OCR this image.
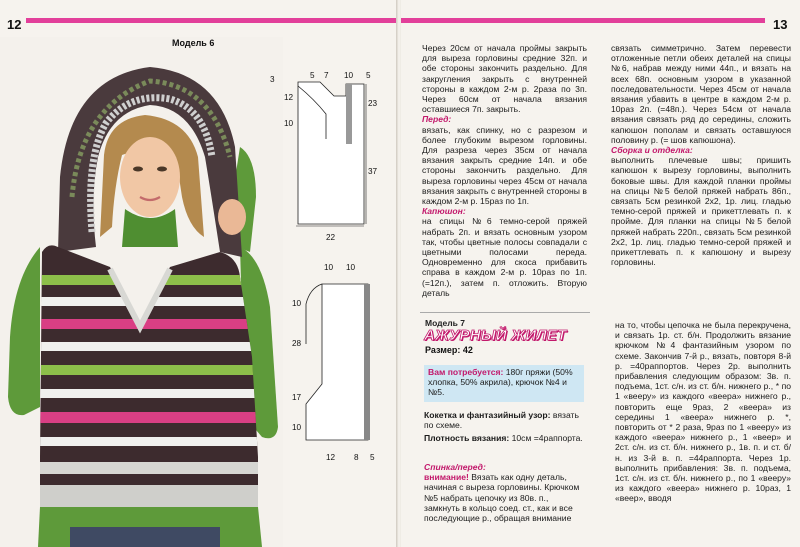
12
Модель 6
5 7 10 5
3
12
10
23
37
22
10 10
10
28
17
10
12 8 5
13

Через 20см от начала проймы закрыть для выреза горловины средние 32п. и обе стороны закончить раздельно. Для закругления закрыть с внутренней стороны в каждом 2-м р. 2раза по 3п. Через 60см от начала вязания оставшиеся 7п. закрыть.

Перед:

вязать, как спинку, но с разрезом и более глубоким вырезом горловины. Для разреза через 35см от начала вязания закрыть средние 14п. и обе стороны закончить раздельно. Для выреза горловины через 45см от начала вязания закрыть с внутренней стороны в каждом 2-м р. 15раз по 1п.

Капюшон:

на спицы №6 темно-серой пряжей набрать 2п. и вязать основным узором так, чтобы цветные полосы совпадали с цветными полосами переда. Одновременно для скоса прибавить справа в каждом 2-м р. 10раз по 1п. (=12п.), затем п. отложить. Вторую деталь

связать симметрично. Затем перевести отложенные петли обеих деталей на спицы №6, набрав между ними 44п., и вязать на всех 68п. основным узором в указанной последовательности. Через 45см от начала вязания убавить в центре в каждом 2-м р. 10раз 2п. (=48п.). Через 54см от начала вязания связать ряд до середины, сложить капюшон пополам и связать оставшуюся половину р. (= шов капюшона).

Сборка и отделка:

выполнить плечевые швы; пришить капюшон к вырезу горловины, выполнить боковые швы. Для каждой планки проймы на спицы №5 белой пряжей набрать 86п., связать 5см резинкой 2х2, 1р. лиц. гладью темно-серой пряжей и прикеттлевать п. к пройме. Для планки на спицы №5 белой пряжей набрать 220п., связать 5см резинкой 2х2, 1р. лиц. гладью темно-серой пряжей и прикеттлевать п. к капюшону и вырезу горловины.

Модель 7
АЖУРНЫЙ ЖИЛЕТ
Размер: 42
Вам потребуется: 180г пряжи (50% хлопка, 50% акрила), крючок №4 и №5.
Кокетка и фантазийный узор: вязать по схеме.
Плотность вязания: 10см =4раппорта.
Спинка/перед:
внимание! Вязать как одну деталь, начиная с выреза горловины. Крючком №5 набрать цепочку из 80в. п., замкнуть в кольцо соед. ст., как и все последующие р., обращая внимание

на то, чтобы цепочка не была перекручена, и связать 1р. ст. б/н. Продолжить вязание крючком №4 фантазийным узором по схеме. Закончив 7-й р., вязать, повторя 8-й р. =40раппортов. Через 2р. выполнить прибавления следующим образом: 3в. п. подъема, 1ст. с/н. из ст. б/н. нижнего р., * по 1 «вееру» из каждого «веера» нижнего р., повторить еще 9раз, 2 «веера» из середины 1 «веера» нижнего р. *, повторить от * 2 раза, 9раз по 1 «вееру» из каждого «веера» нижнего р., 1 «веер» и 2ст. с/н. из ст. б/н. нижнего р., 1в. п. и ст. б/н. из 3-й в. п. =44раппорта. Через 1р. выполнить прибавления: 3в. п. подъема, 1ст. с/н. из ст. б/н. нижнего р., по 1 «вееру» из каждого «веера» нижнего р. 10раз, 1 «веер», вводя
